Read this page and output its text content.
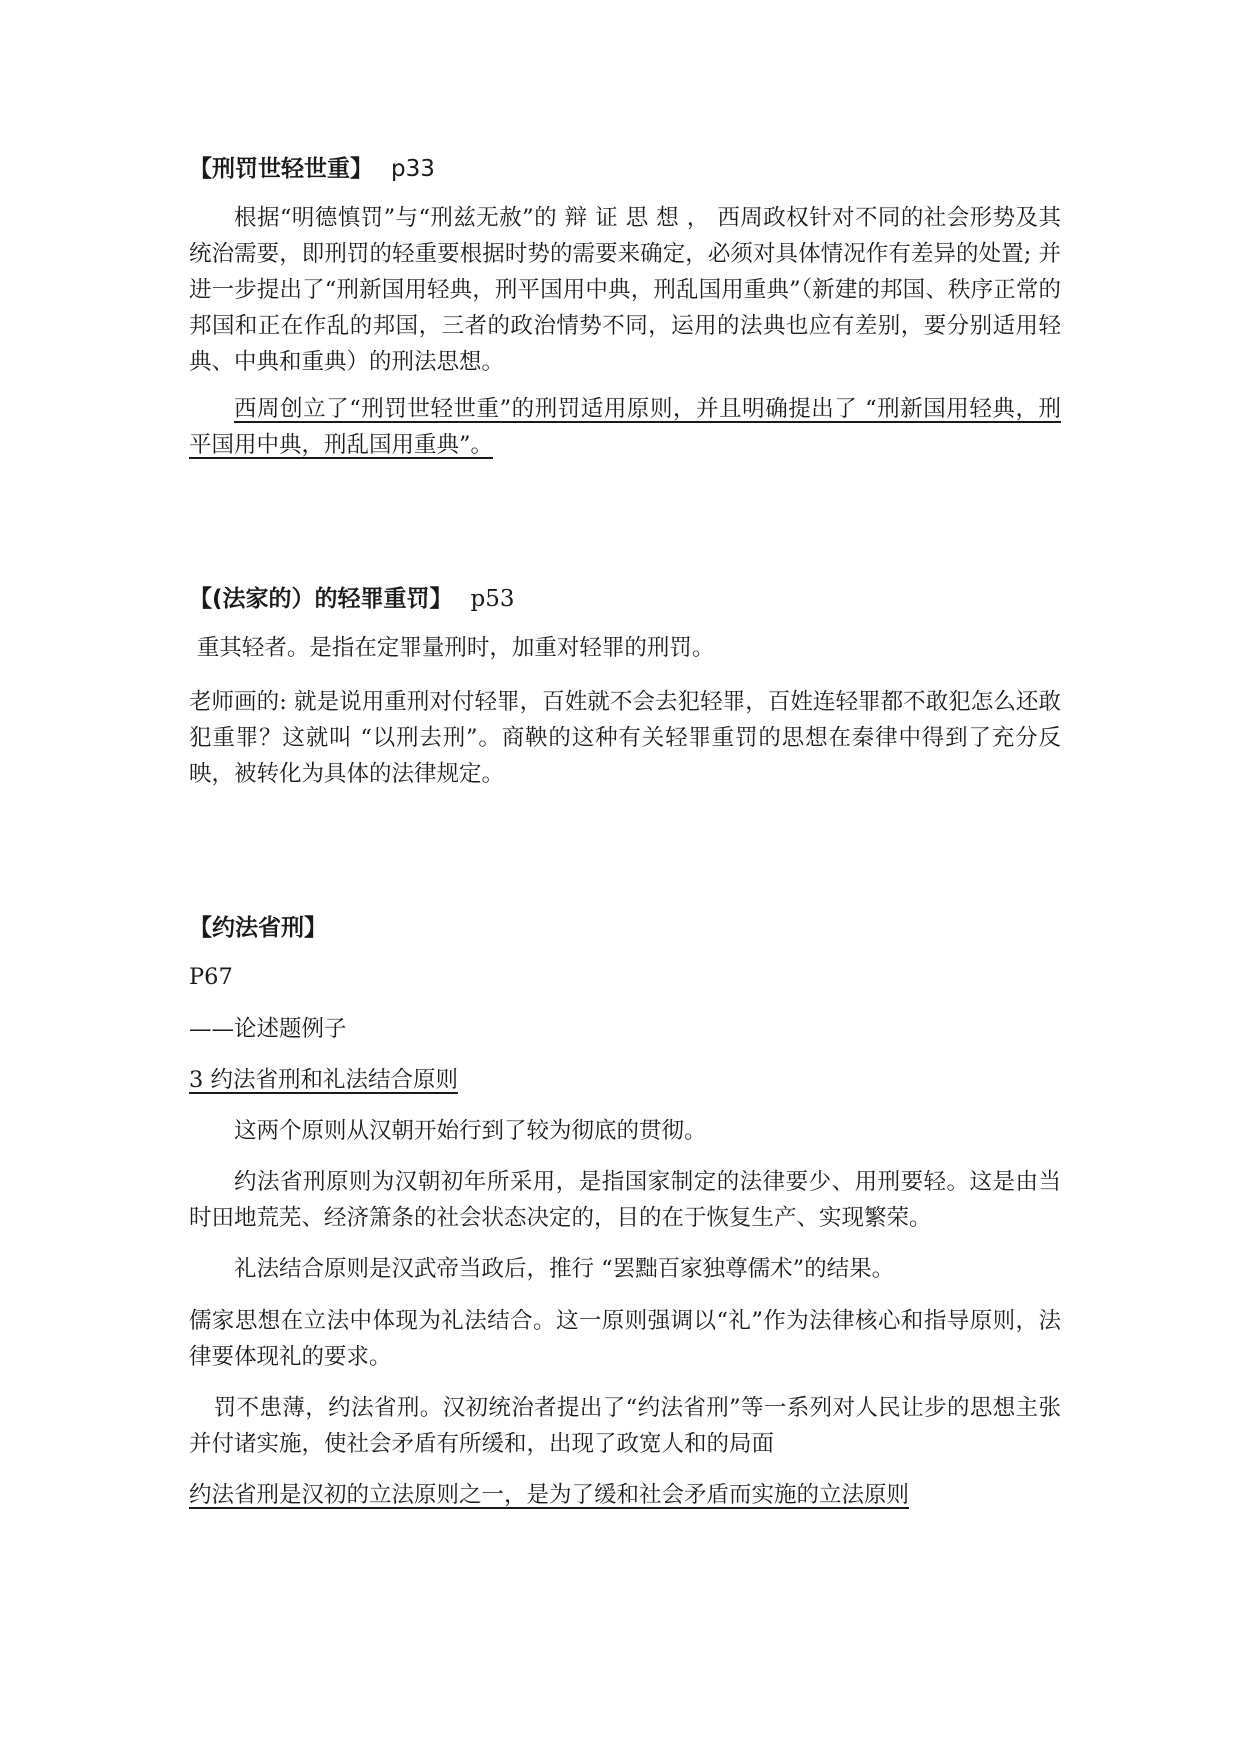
【刑罚世轻世重】 p33

根据“明德慎罚”与“刑兹无赦”的 辩 证 思 想 ， 西周政权针对不同的社会形势及其统治需要，即刑罚的轻重要根据时势的需要来确定，必须对具体情况作有差异的处置; 并进一步提出了“刑新国用轻典，刑平国用中典，刑乱国用重典”（新建的邦国、秩序正常的邦国和正在作乱的邦国，三者的政治情势不同，运用的法典也应有差别，要分别适用轻典、中典和重典）的刑法思想。

西周创立了“刑罚世轻世重”的刑罚适用原则，并且明确提出了 “刑新国用轻典，刑平国用中典，刑乱国用重典”。

【(法家的）的轻罪重罚】 p53

重其轻者。是指在定罪量刑时，加重对轻罪的刑罚。

老师画的: 就是说用重刑对付轻罪，百姓就不会去犯轻罪，百姓连轻罪都不敢犯怎么还敢犯重罪？这就叫 “以刑去刑”。商鞅的这种有关轻罪重罚的思想在秦律中得到了充分反映，被转化为具体的法律规定。

【约法省刑】

P67

——论述题例子

3 约法省刑和礼法结合原则

这两个原则从汉朝开始行到了较为彻底的贯彻。

约法省刑原则为汉朝初年所采用，是指国家制定的法律要少、用刑要轻。这是由当时田地荒芜、经济箫条的社会状态决定的，目的在于恢复生产、实现繁荣。

礼法结合原则是汉武帝当政后，推行 “罢黜百家独尊儒术”的结果。

儒家思想在立法中体现为礼法结合。这一原则强调以“礼”作为法律核心和指导原则，法律要体现礼的要求。

罚不患薄，约法省刑。汉初统治者提出了“约法省刑”等一系列对人民让步的思想主张并付诸实施，使社会矛盾有所缓和，出现了政宽人和的局面

约法省刑是汉初的立法原则之一，是为了缓和社会矛盾而实施的立法原则
